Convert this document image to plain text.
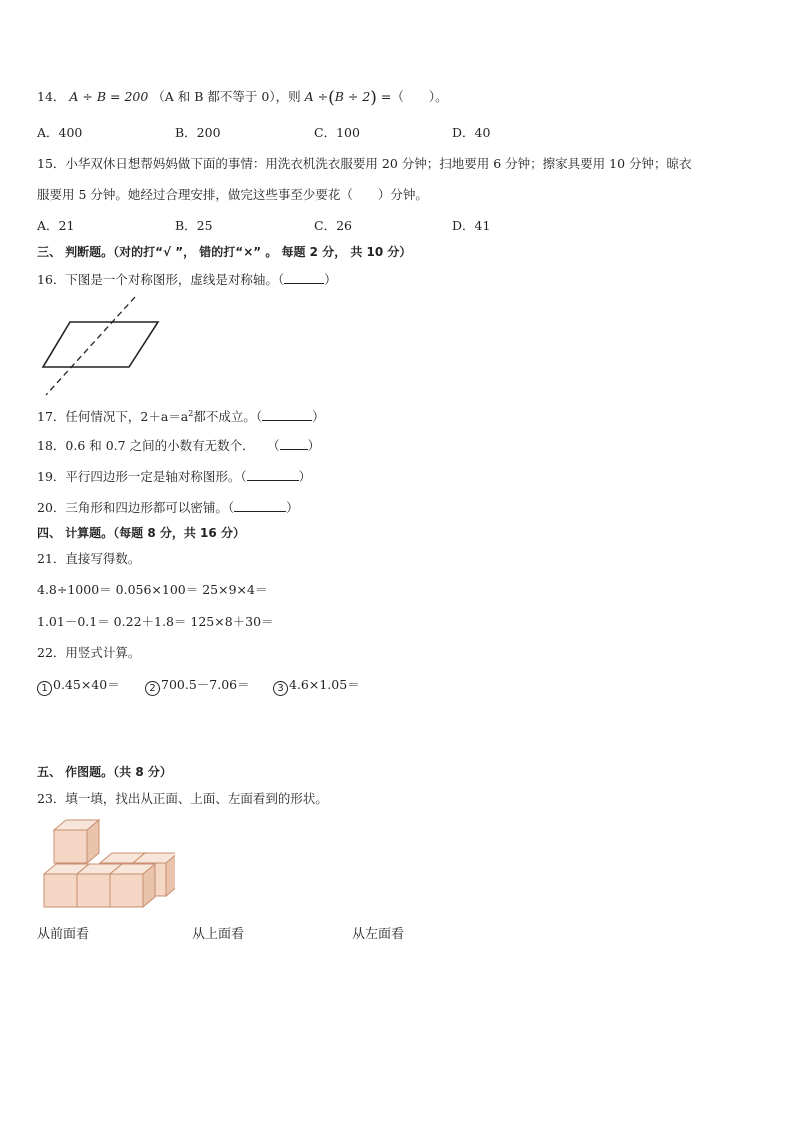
14． A ÷ B = 200 （A 和 B 都不等于 0），则 A ÷(B ÷ 2) =（　　）。
A．400	B．200	C．100	D．40
15．小华双休日想帮妈妈做下面的事情：用洗衣机洗衣服要用 20 分钟；扫地要用 6 分钟；擦家具要用 10 分钟；晾衣
服要用 5 分钟。她经过合理安排，做完这些事至少要花（　　）分钟。
A．21	B．25	C．26	D．41
三、 判断题。（对的打“√ ”， 错的打“×” 。 每题 2 分， 共 10 分）
16．下图是一个对称图形，虚线是对称轴。（	）
17．任何情况下，$2+a=a^2$都不成立。（	）
18．0.6 和 0.7 之间的小数有无数个．　　（ ）
19．平行四边形一定是轴对称图形。（	）
20．三角形和四边形都可以密铺。（	）
四、 计算题。（每题 8 分，共 16 分）
21．直接写得数。
4.8÷1000＝ 0.056×100＝ 25×9×4＝
1.01－0.1＝ 0.22＋1.8＝ 125×8＋30＝
22．用竖式计算。
1 0.45×40＝	2 700.5－7.06＝	3 4.6×1.05＝
五、 作图题。（共 8 分）
23．填一填，找出从正面、上面、左面看到的形状。
从前面看	从上面看	从左面看
